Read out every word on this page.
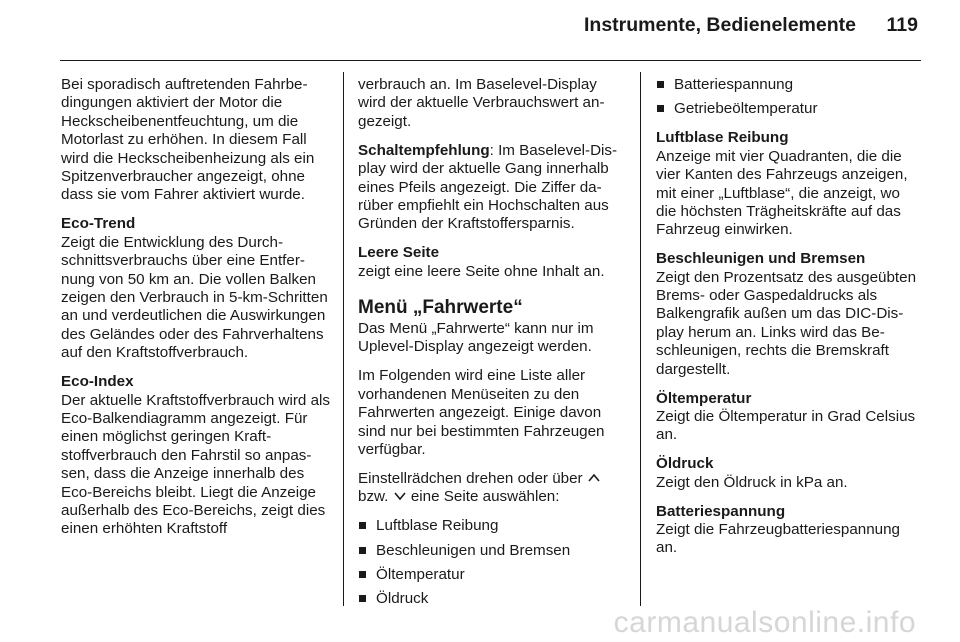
Instrumente, Bedienelemente 119

Bei sporadisch auftretenden Fahrbedingungen aktiviert der Motor die Heckscheibenentfeuchtung, um die Motorlast zu erhöhen. In diesem Fall wird die Heckscheibenheizung als ein Spitzenverbraucher angezeigt, ohne dass sie vom Fahrer aktiviert wurde.

Eco-Trend
Zeigt die Entwicklung des Durchschnittsverbrauchs über eine Entfernung von 50 km an. Die vollen Balken zeigen den Verbrauch in 5-km-Schritten an und verdeutlichen die Auswirkungen des Geländes oder des Fahrverhaltens auf den Kraftstoffverbrauch.

Eco-Index
Der aktuelle Kraftstoffverbrauch wird als Eco-Balkendiagramm angezeigt. Für einen möglichst geringen Kraftstoffverbrauch den Fahrstil so anpassen, dass die Anzeige innerhalb des Eco-Bereichs bleibt. Liegt die Anzeige außerhalb des Eco-Bereichs, zeigt dies einen erhöhten Kraftstoff

verbrauch an. Im Baselevel-Display wird der aktuelle Verbrauchswert angezeigt.

Schaltempfehlung: Im Baselevel-Display wird der aktuelle Gang innerhalb eines Pfeils angezeigt. Die Ziffer darüber empfiehlt ein Hochschalten aus Gründen der Kraftstoffersparnis.

Leere Seite
zeigt eine leere Seite ohne Inhalt an.

Menü „Fahrwerte“

Das Menü „Fahrwerte“ kann nur im Uplevel-Display angezeigt werden.

Im Folgenden wird eine Liste aller vorhandenen Menüseiten zu den Fahrwerten angezeigt. Einige davon sind nur bei bestimmten Fahrzeugen verfügbar.

Einstellrädchen drehen oder über
bzw. eine Seite auswählen:

Luftblase Reibung
Beschleunigen und Bremsen
Öltemperatur
Öldruck
Batteriespannung
Getriebeöltemperatur

Luftblase Reibung
Anzeige mit vier Quadranten, die die vier Kanten des Fahrzeugs anzeigen, mit einer „Luftblase“, die anzeigt, wo die höchsten Trägheitskräfte auf das Fahrzeug einwirken.

Beschleunigen und Bremsen
Zeigt den Prozentsatz des ausgeübten Brems- oder Gaspedaldrucks als Balkengrafik außen um das DIC-Display herum an. Links wird das Beschleunigen, rechts die Bremskraft dargestellt.

Öltemperatur
Zeigt die Öltemperatur in Grad Celsius an.

Öldruck
Zeigt den Öldruck in kPa an.

Batteriespannung
Zeigt die Fahrzeugbatteriespannung an.

carmanualsonline.info
